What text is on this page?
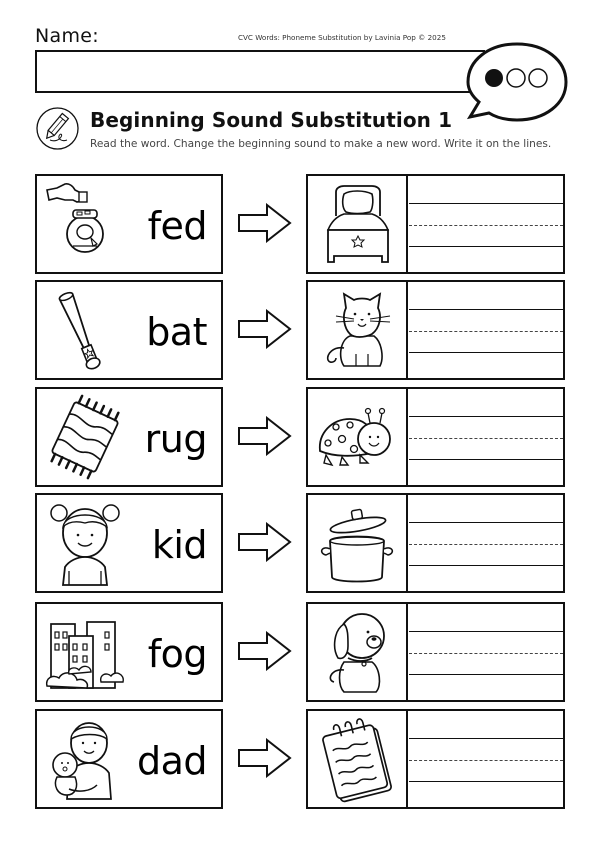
Name:	CVC Words: Phoneme Substitution by Lavinia Pop © 2025
Beginning Sound Substitution 1
Read the word. Change the beginning sound to make a new word. Write it on the lines.
fed
bat
rug
kid
fog
dad
